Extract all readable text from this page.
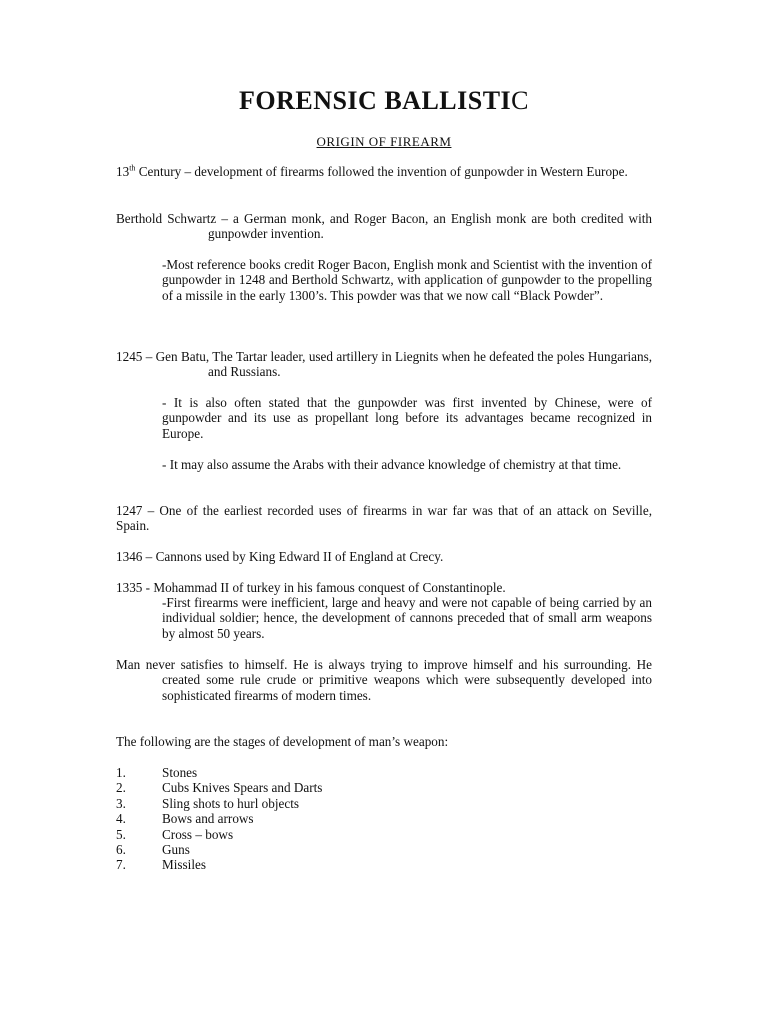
FORENSIC BALLISTIC
ORIGIN OF FIREARM
13th Century – development of firearms followed the invention of gunpowder in Western Europe.
Berthold Schwartz – a German monk, and Roger Bacon, an English monk are both credited with gunpowder invention.
-Most reference books credit Roger Bacon, English monk and Scientist with the invention of gunpowder in 1248 and Berthold Schwartz, with application of gunpowder to the propelling of a missile in the early 1300’s. This powder was that we now call “Black Powder”.
1245 – Gen Batu, The Tartar leader, used artillery in Liegnits when he defeated the poles Hungarians, and Russians.
- It is also often stated that the gunpowder was first invented by Chinese, were of gunpowder and its use as propellant long before its advantages became recognized in Europe.
- It may also assume the Arabs with their advance knowledge of chemistry at that time.
1247 – One of the earliest recorded uses of firearms in war far was that of an attack on Seville, Spain.
1346 – Cannons used by King Edward II of England at Crecy.
1335 - Mohammad II of turkey in his famous conquest of Constantinople.
-First firearms were inefficient, large and heavy and were not capable of being carried by an individual soldier; hence, the development of cannons preceded that of small arm weapons by almost 50 years.
Man never satisfies to himself. He is always trying to improve himself and his surrounding. He created some rule crude or primitive weapons which were subsequently developed into sophisticated firearms of modern times.
The following are the stages of development of man’s weapon:
1.	Stones
2.	Cubs Knives Spears and Darts
3.	Sling shots to hurl objects
4.	Bows and arrows
5.	Cross – bows
6.	Guns
7.	Missiles
